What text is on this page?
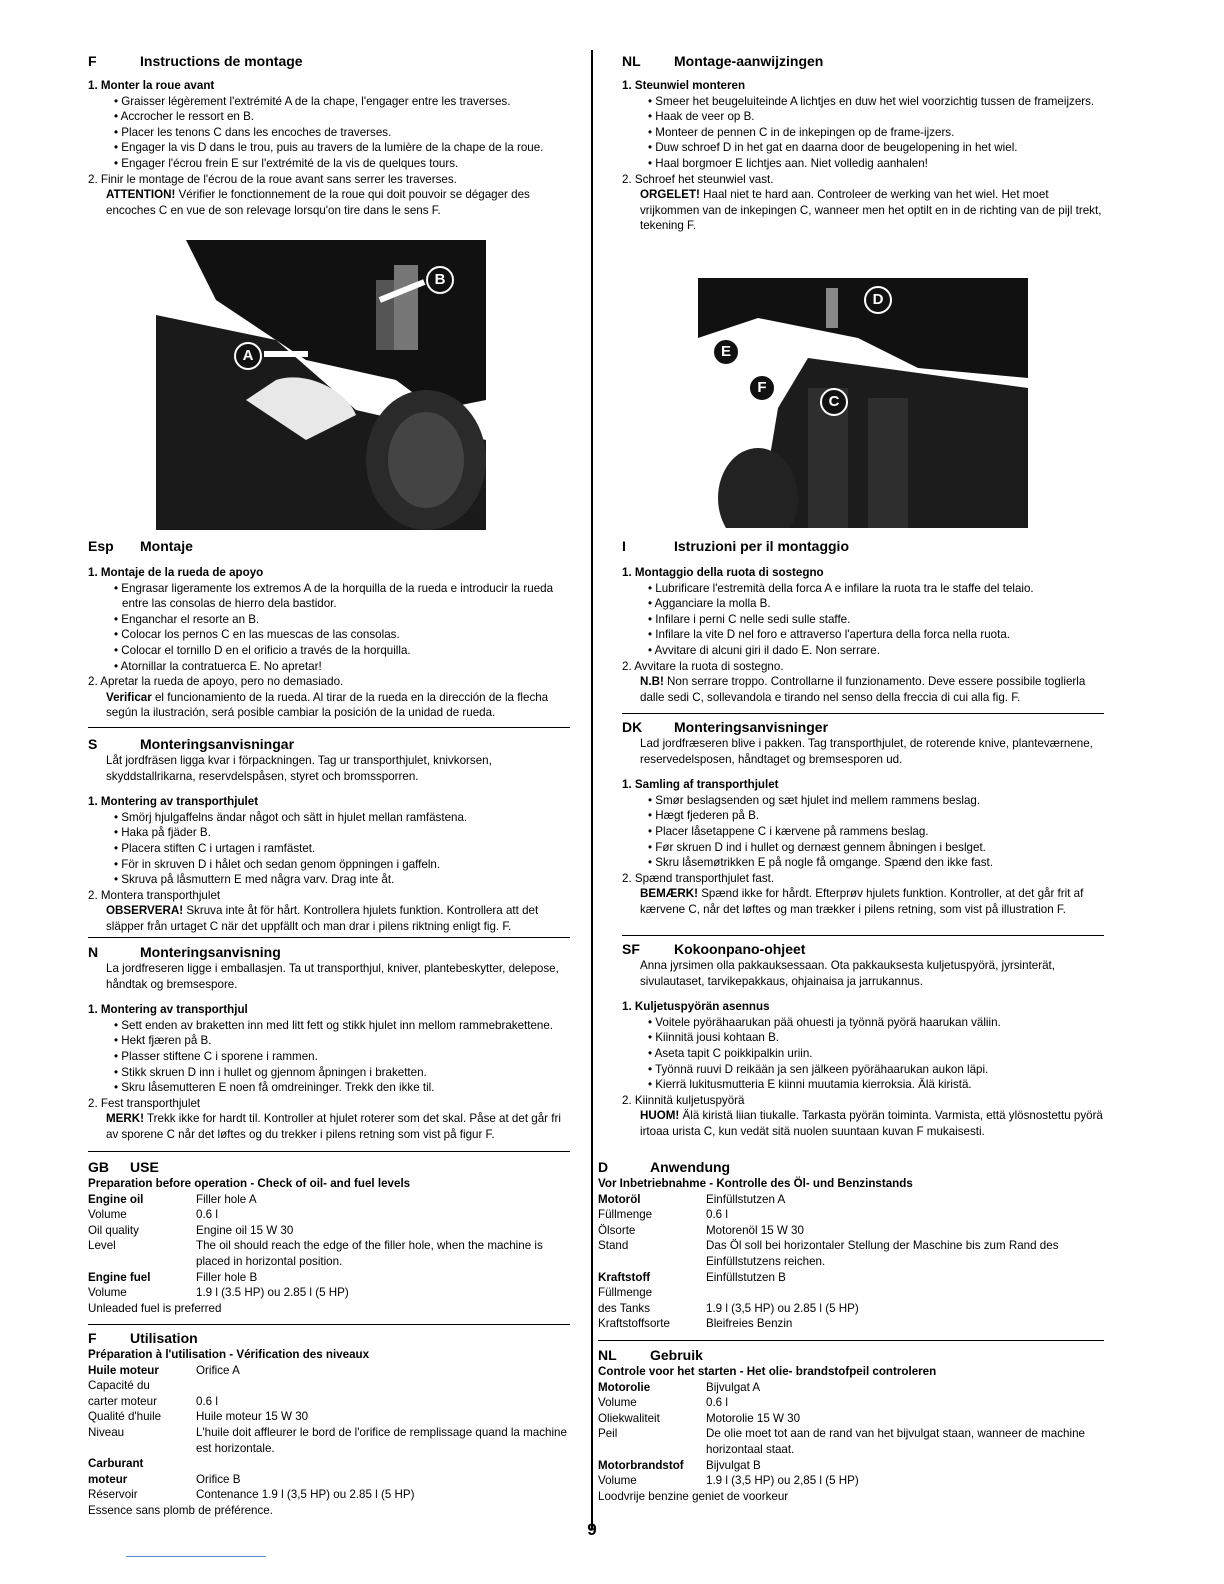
F	Instructions de montage
1. Monter la roue avant
• Graisser légèrement l'extrémité A de la chape, l'engager entre les traverses.
• Accrocher le ressort en B.
• Placer les tenons C dans les encoches de traverses.
• Engager la vis D dans le trou, puis au travers de la lumière de la chape de la roue.
• Engager l'écrou frein E sur l'extrémité de la vis de quelques tours.
2. Finir le montage de l'écrou de la roue avant sans serrer les traverses.
ATTENTION! Vérifier le fonctionnement de la roue qui doit pouvoir se dégager des encoches C en vue de son relevage lorsqu'on tire dans le sens F.
B
A
Esp	Montaje
1. Montaje de la rueda de apoyo
• Engrasar ligeramente los extremos A de la horquilla de la rueda e introducir la rueda entre las consolas de hierro dela bastidor.
• Enganchar el resorte an B.
• Colocar los pernos C en las muescas de las consolas.
• Colocar el tornillo D en el orificio a través de la horquilla.
• Atornillar la contratuerca E. No apretar!
2. Apretar la rueda de apoyo, pero no demasiado.
Verificar el funcionamiento de la rueda. Al tirar de la rueda en la dirección de la flecha según la ilustración, será posible cambiar la posición de la unidad de rueda.
S	Monteringsanvisningar
Låt jordfräsen ligga kvar i förpackningen. Tag ur transporthjulet, knivkorsen, skyddstallrikarna, reservdelspåsen, styret och bromssporren.
1. Montering av transporthjulet
• Smörj hjulgaffelns ändar något och sätt in hjulet mellan ramfästena.
• Haka på fjäder B.
• Placera stiften C i urtagen i ramfästet.
• För in skruven D i hålet och sedan genom öppningen i gaffeln.
• Skruva på låsmuttern E med några varv. Drag inte åt.
2. Montera transporthjulet
OBSERVERA! Skruva inte åt för hårt. Kontrollera hjulets funktion. Kontrollera att det släpper från urtaget C när det uppfällt och man drar i pilens riktning enligt fig. F.
N	Monteringsanvisning
La jordfreseren ligge i emballasjen. Ta ut transporthjul, kniver, plantebeskytter, delepose, håndtak og bremsespore.
1. Montering av transporthjul
• Sett enden av braketten inn med litt fett og stikk hjulet inn mellom rammebrakettene.
• Hekt fjæren på B.
• Plasser stiftene C i sporene i rammen.
• Stikk skruen D inn i hullet og gjennom åpningen i braketten.
• Skru låsemutteren E noen få omdreininger. Trekk den ikke til.
2. Fest transporthjulet
MERK! Trekk ikke for hardt til. Kontroller at hjulet roterer som det skal. Påse at det går fri av sporene C når det løftes og du trekker i pilens retning som vist på figur F.
GB	USE
Preparation before operation - Check of oil- and fuel levels
Engine oil	Filler hole A
Volume	0.6 l
Oil quality	Engine oil 15 W 30
Level	The oil should reach the edge of the filler hole, when the machine is placed in horizontal position.
Engine fuel	Filler hole B
Volume	1.9 l (3.5 HP) ou 2.85 l (5 HP)
Unleaded fuel is preferred
F	Utilisation
Préparation à l'utilisation - Vérification des niveaux
Huile moteur	Orifice A
Capacité du
carter moteur	0.6 l
Qualité d'huile	Huile moteur 15 W 30
Niveau	L'huile doit affleurer le bord de l'orifice de remplissage quand la machine est horizontale.
Carburant
moteur	Orifice B
Réservoir	Contenance 1.9 l (3,5 HP) ou 2.85 l (5 HP)
Essence sans plomb de préférence.
NL	Montage-aanwijzingen
1. Steunwiel monteren
• Smeer het beugeluiteinde A lichtjes en duw het wiel voorzichtig tussen de frameijzers.
• Haak de veer op B.
• Monteer de pennen C in de inkepingen op de frame-ijzers.
• Duw schroef D in het gat en daarna door de beugelopening in het wiel.
• Haal borgmoer E lichtjes aan. Niet volledig aanhalen!
2. Schroef het steunwiel vast.
ORGELET! Haal niet te hard aan. Controleer de werking van het wiel. Het moet vrijkommen van de inkepingen C, wanneer men het optilt en in de richting van de pijl trekt, tekening F.
D
E
F
C
I	Istruzioni per il montaggio
1. Montaggio della ruota di sostegno
• Lubrificare l'estremità della forca A e infilare la ruota tra le staffe del telaio.
• Agganciare la molla B.
• Infilare i perni C nelle sedi sulle staffe.
• Infilare la vite D nel foro e attraverso l'apertura della forca nella ruota.
• Avvitare di alcuni giri il dado E. Non serrare.
2. Avvitare la ruota di sostegno.
N.B! Non serrare troppo. Controllarne il funzionamento. Deve essere possibile toglierla dalle sedi C, sollevandola e tirando nel senso della freccia di cui alla fig. F.
DK	Monteringsanvisninger
Lad jordfræseren blive i pakken. Tag transporthjulet, de roterende knive, planteværnene, reservedelsposen, håndtaget og bremsesporen ud.
1. Samling af transporthjulet
• Smør beslagsenden og sæt hjulet ind mellem rammens beslag.
• Hægt fjederen på B.
• Placer låsetappene C i kærvene på rammens beslag.
• Før skruen D ind i hullet og dernæst gennem åbningen i beslget.
• Skru låsemøtrikken E på nogle få omgange. Spænd den ikke fast.
2. Spænd transporthjulet fast.
BEMÆRK! Spænd ikke for hårdt. Efterprøv hjulets funktion. Kontroller, at det går frit af kærvene C, når det løftes og man trækker i pilens retning, som vist på illustration F.
SF	Kokoonpano-ohjeet
Anna jyrsimen olla pakkauksessaan. Ota pakkauksesta kuljetuspyörä, jyrsinterät, sivulautaset, tarvikepakkaus, ohjainaisa ja jarrukannus.
1. Kuljetuspyörän asennus
• Voitele pyörähaarukan pää ohuesti ja työnnä pyörä haarukan väliin.
• Kiinnitä jousi kohtaan B.
• Aseta tapit C poikkipalkin uriin.
• Työnnä ruuvi D reikään ja sen jälkeen pyörähaarukan aukon läpi.
• Kierrä lukitusmutteria E kiinni muutamia kierroksia. Älä kiristä.
2. Kiinnitä kuljetuspyörä
HUOM! Älä kiristä liian tiukalle. Tarkasta pyörän toiminta. Varmista, että ylösnostettu pyörä irtoaa urista C, kun vedät sitä nuolen suuntaan kuvan F mukaisesti.
D	Anwendung
Vor Inbetriebnahme - Kontrolle des Öl- und Benzinstands
Motoröl	Einfüllstutzen A
Füllmenge	0.6 l
Ölsorte	Motorenöl 15 W 30
Stand	Das Öl soll bei horizontaler Stellung der Maschine bis zum Rand des Einfüllstutzens reichen.
Kraftstoff	Einfüllstutzen B
Füllmenge
des Tanks	1.9 l (3,5 HP) ou 2.85 l (5 HP)
Kraftstoffsorte	Bleifreies Benzin
NL	Gebruik
Controle voor het starten - Het olie- brandstofpeil controleren
Motorolie	Bijvulgat A
Volume	0.6 l
Oliekwaliteit	Motorolie 15 W 30
Peil	De olie moet tot aan de rand van het bijvulgat staan, wanneer de machine horizontaal staat.
Motorbrandstof	Bijvulgat B
Volume	1.9 l (3,5 HP) ou 2,85 l (5 HP)
Loodvrije benzine geniet de voorkeur
9
